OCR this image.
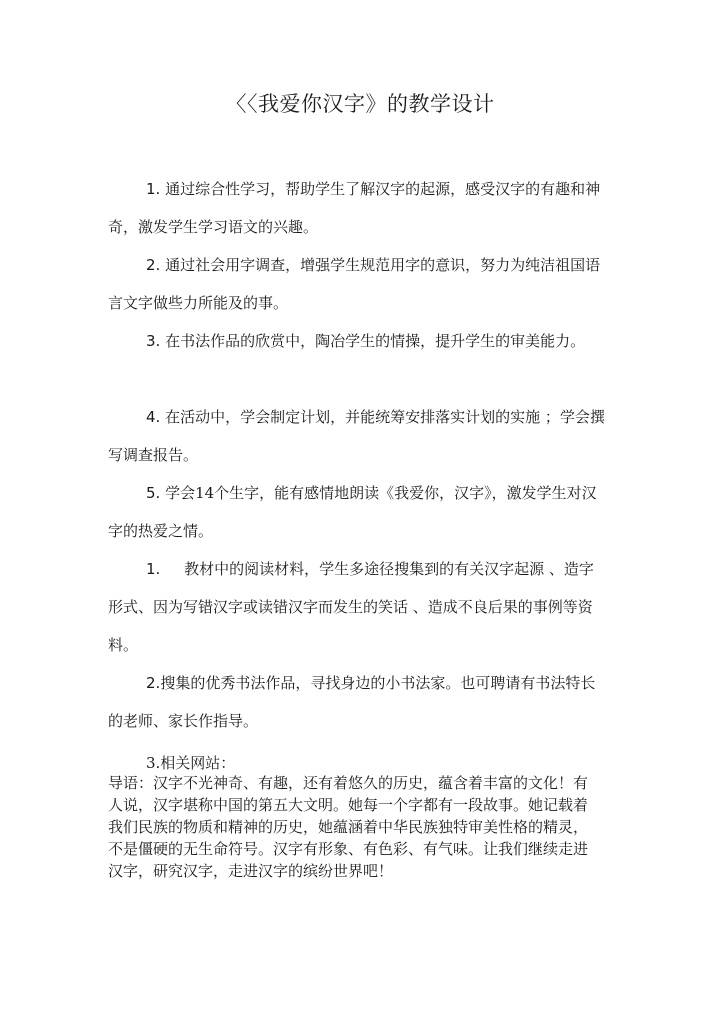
〈〈我爱你汉字》的教学设计

1. 通过综合性学习，帮助学生了解汉字的起源，感受汉字的有趣和神奇，激发学生学习语文的兴趣。

2. 通过社会用字调查，增强学生规范用字的意识，努力为纯洁祖国语言文字做些力所能及的事。

3. 在书法作品的欣赏中，陶冶学生的情操，提升学生的审美能力。

4. 在活动中，学会制定计划，并能统筹安排落实计划的实施 ；学会撰写调查报告。

5. 学会14个生字，能有感情地朗读《我爱你，汉字》，激发学生对汉字的热爱之情。

1. 教材中的阅读材料，学生多途径搜集到的有关汉字起源 、造字形式、因为写错汉字或读错汉字而发生的笑话 、造成不良后果的事例等资料。

2.搜集的优秀书法作品，寻找身边的小书法家。也可聘请有书法特长的老师、家长作指导。

3.相关网站：

导语：汉字不光神奇、有趣，还有着悠久的历史，蕴含着丰富的文化！有人说，汉字堪称中国的第五大文明。她每一个字都有一段故事。她记载着我们民族的物质和精神的历史，她蕴涵着中华民族独特审美性格的精灵，不是僵硬的无生命符号。汉字有形象、有色彩、有气味。让我们继续走进汉字，研究汉字，走进汉字的缤纷世界吧！
